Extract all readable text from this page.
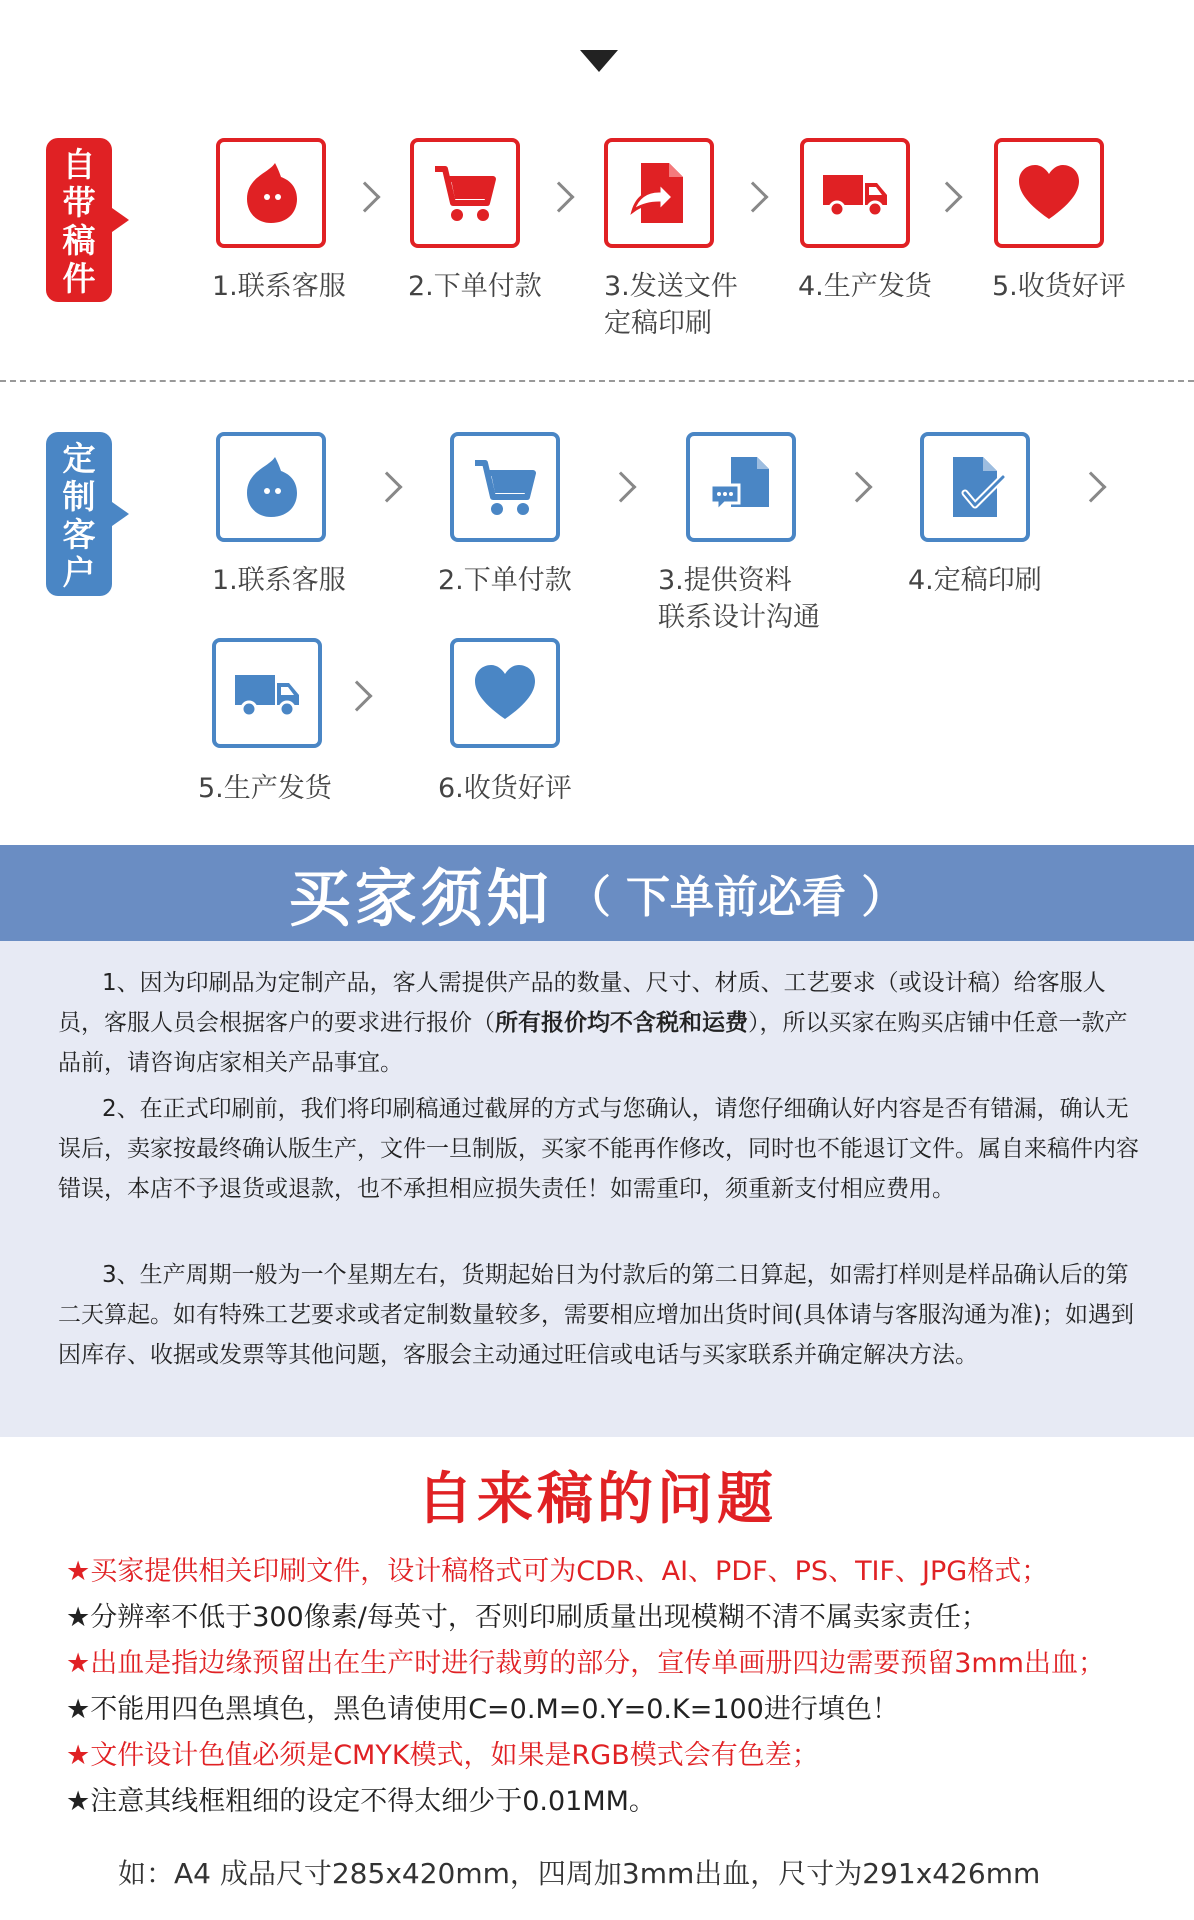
自
带
稿
件	1.联系客服 2.下单付款 3.发送文件
定稿印刷
4.生产发货 5.收货好评
定
制
客
户	1.联系客服	2.下单付款	3.提供资料
联系设计沟通
4.定稿印刷
5.生产发货	6.收货好评
买家须知 （ 下单前必看 ）
1、因为印刷品为定制产品，客人需提供产品的数量、尺寸、材质、工艺要求（或设计稿）给客服人员，客服人员会根据客户的要求进行报价（所有报价均不含税和运费），所以买家在购买店铺中任意一款产品前，请咨询店家相关产品事宜。
2、在正式印刷前，我们将印刷稿通过截屏的方式与您确认，请您仔细确认好内容是否有错漏，确认无误后，卖家按最终确认版生产，文件一旦制版，买家不能再作修改，同时也不能退订文件。属自来稿件内容错误，本店不予退货或退款，也不承担相应损失责任！如需重印，须重新支付相应费用。
3、生产周期一般为一个星期左右，货期起始日为付款后的第二日算起，如需打样则是样品确认后的第二天算起。如有特殊工艺要求或者定制数量较多，需要相应增加出货时间(具体请与客服沟通为准)；如遇到因库存、收据或发票等其他问题，客服会主动通过旺信或电话与买家联系并确定解决方法。
自来稿的问题
★买家提供相关印刷文件，设计稿格式可为CDR、AI、PDF、PS、TIF、JPG格式；
★分辨率不低于300像素/每英寸，否则印刷质量出现模糊不清不属卖家责任；
★出血是指边缘预留出在生产时进行裁剪的部分，宣传单画册四边需要预留3mm出血；
★不能用四色黑填色，黑色请使用C=0.M=0.Y=0.K=100进行填色！
★文件设计色值必须是CMYK模式，如果是RGB模式会有色差；
★注意其线框粗细的设定不得太细少于0.01MM。
如：A4 成品尺寸285x420mm，四周加3mm出血，尺寸为291x426mm
